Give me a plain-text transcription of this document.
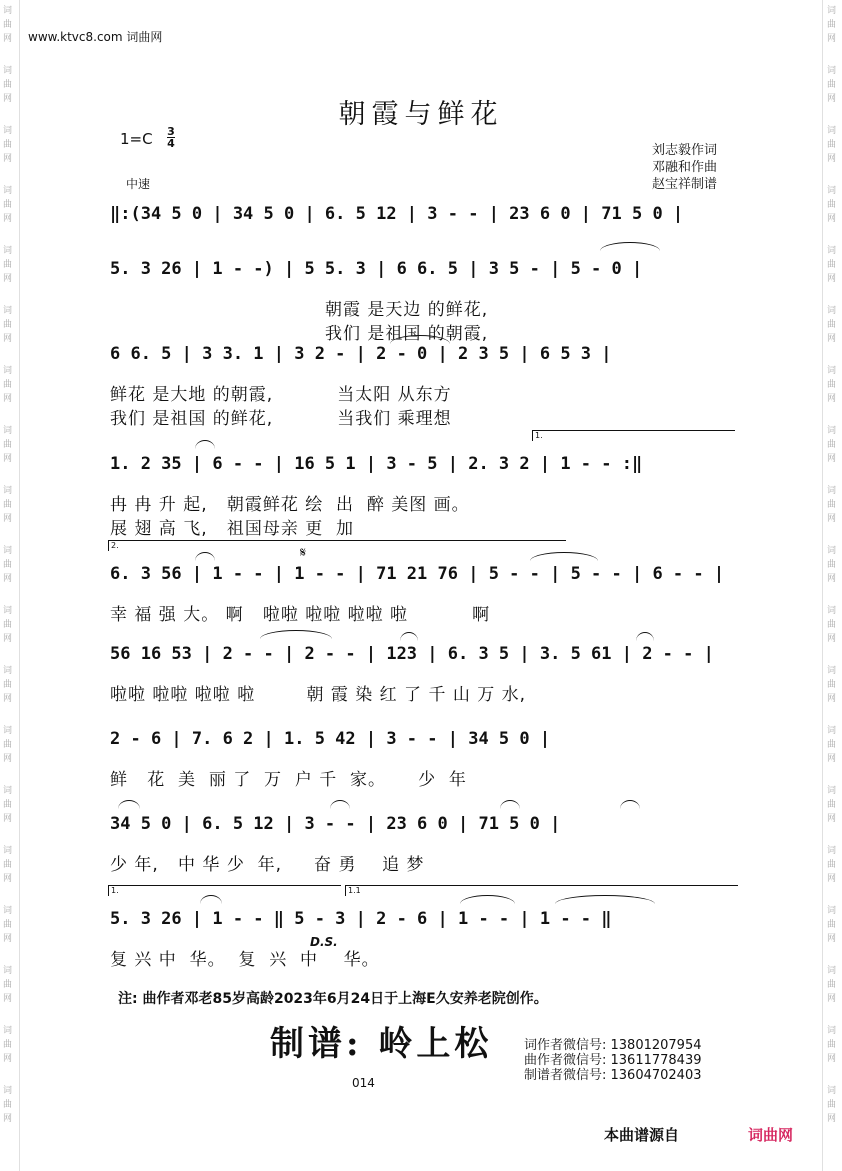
词
曲
网
词
曲
网
词
曲
网
词
曲
网
词
曲
网
词
曲
网
词
曲
网
词
曲
网
词
曲
网
词
曲
网
词
曲
网
词
曲
网
词
曲
网
词
曲
网
词
曲
网
词
曲
网
词
曲
网
词
曲
网
词
曲
网
词
曲
网
词
曲
网
词
曲
网
词
曲
网
词
曲
网
词
曲
网
词
曲
网
词
曲
网
词
曲
网
词
曲
网
词
曲
网
词
曲
网
词
曲
网
词
曲
网
词
曲
网
词
曲
网
词
曲
网
词
曲
网
词
曲
网
www.ktvc8.com 词曲网
朝霞与鲜花
1=C 3
4
中速
刘志毅作词
邓融和作曲
赵宝祥制谱
‖:(34 5 0 | 34 5 0 | 6. 5 12 | 3 - - | 23 6 0 | 71 5 0 |
5. 3 26 | 1 - -) | 5 5. 3 | 6 6. 5 | 3 5 - | 5 - 0 |
朝霞 是天边 的鲜花,
我们 是祖国 的朝霞,
6 6. 5 | 3 3. 1 | 3 2 - | 2 - 0 | 2 3 5 | 6 5 3 |
鲜花 是大地 的朝霞,          当太阳 从东方
我们 是祖国 的鲜花,          当我们 乘理想
1. 2 35 | 6 - - | 16 5 1 | 3 - 5 | 2. 3 2 | 1 - - :‖
冉 冉 升 起,   朝霞鲜花 绘  出  醉 美图 画。
展 翅 高 飞,   祖国母亲 更  加
6. 3 56 | 1 - - | 1 - - | 71 21 76 | 5 - - | 5 - - | 6 - - |
幸 福 强 大。 啊   啦啦 啦啦 啦啦 啦          啊
56 16 53 | 2 - - | 2 - - | 123 | 6. 3 5 | 3. 5 61 | 2 - - |
啦啦 啦啦 啦啦 啦        朝 霞 染 红 了 千 山 万 水,
2 - 6 | 7. 6 2 | 1. 5 42 | 3 - - | 34 5 0 |
鲜   花  美  丽 了  万  户 千  家。     少  年
34 5 0 | 6. 5 12 | 3 - - | 23 6 0 | 71 5 0 |
少 年,   中 华 少  年,     奋 勇    追 梦
5. 3 26 | 1 - - ‖ 5 - 3 | 2 - 6 | 1 - - | 1 - - ‖
复 兴 中  华。  复  兴  中    华。
1.
2.
1.	1.1
𝄋
D.S.
注: 曲作者邓老85岁高龄2023年6月24日于上海E久安养老院创作。
制谱: 岭上松 词作者微信号: 13801207954
曲作者微信号: 13611778439
制谱者微信号: 13604702403
014
本曲谱源自	词曲网
